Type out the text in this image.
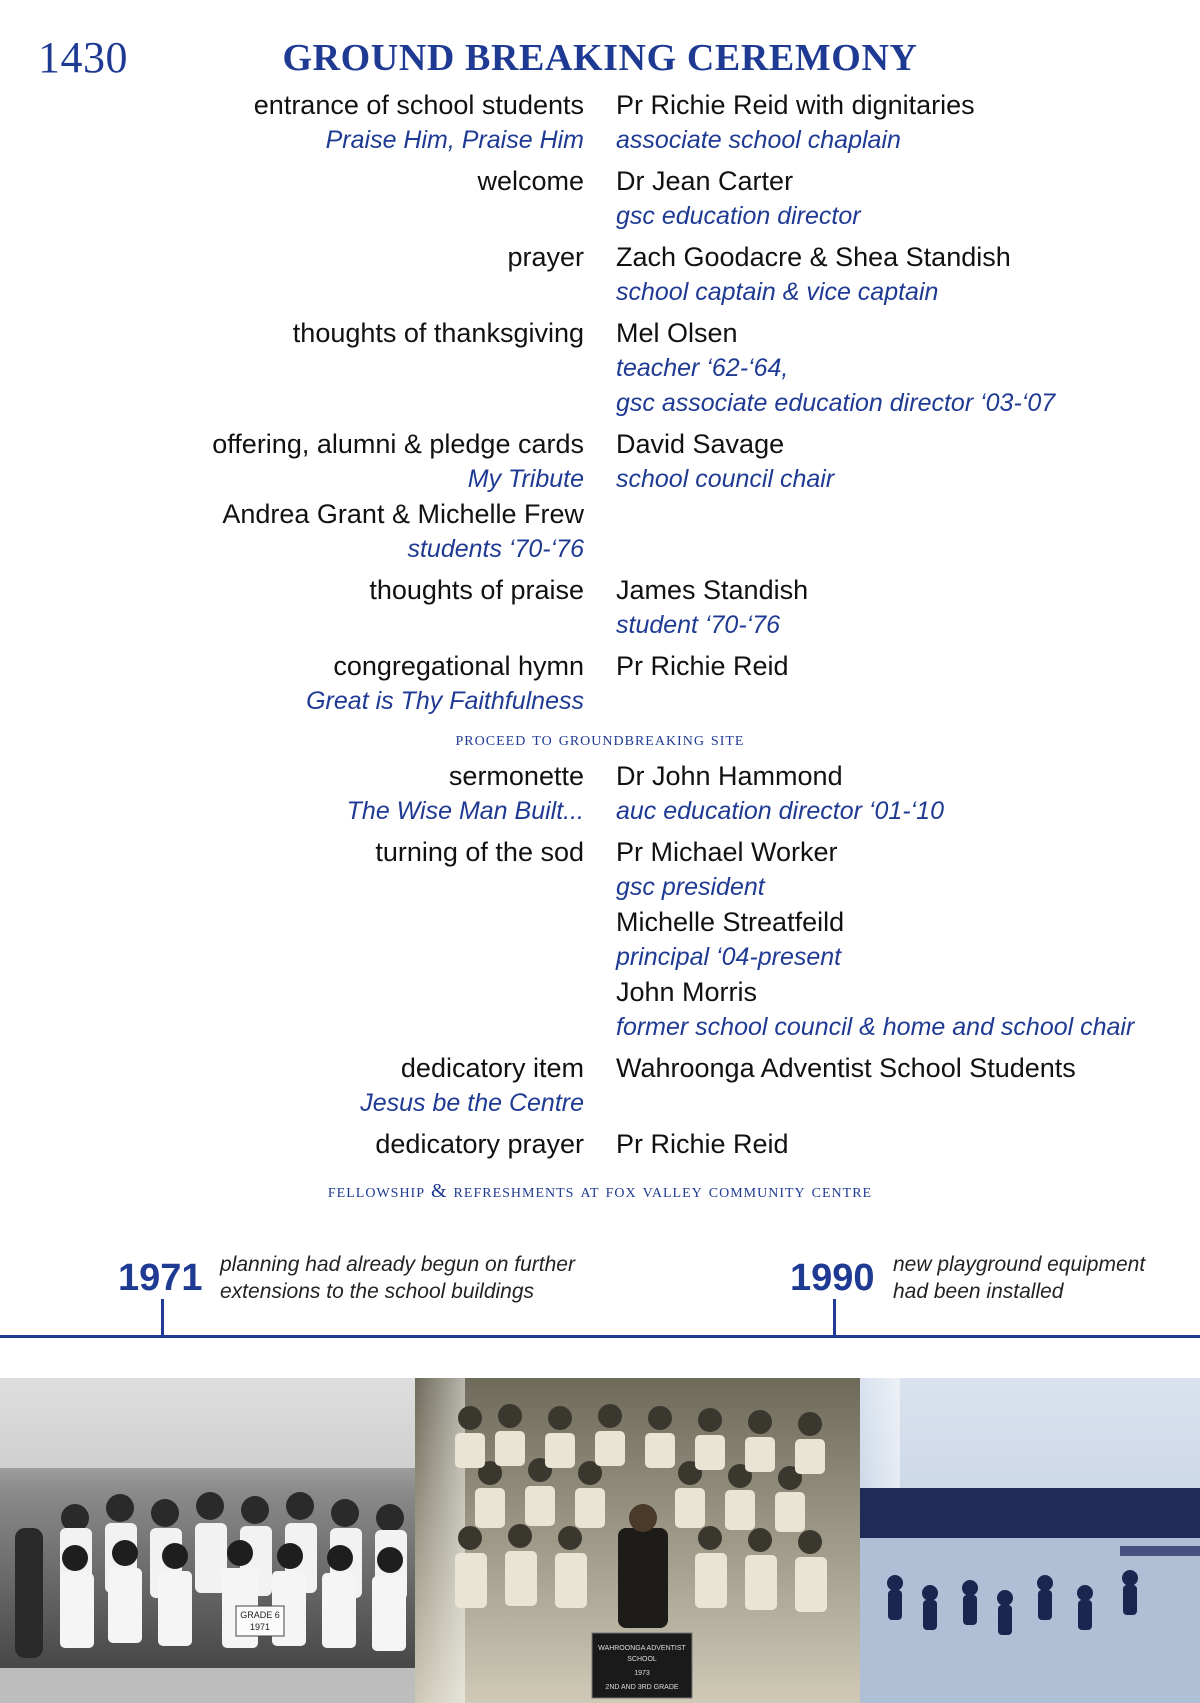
1430	GROUND BREAKING CEREMONY
entrance of school students
Praise Him, Praise Him
Pr Richie Reid with dignitaries
associate school chaplain
welcome Dr Jean Carter
gsc education director
prayer Zach Goodacre & Shea Standish
school captain & vice captain
thoughts of thanksgiving Mel Olsen
teacher ‘62-‘64,
gsc associate education director ‘03-‘07
offering, alumni & pledge cards
My Tribute
Andrea Grant & Michelle Frew
students ‘70-‘76
David Savage
school council chair
thoughts of praise James Standish
student ‘70-‘76
congregational hymn
Great is Thy Faithfulness
Pr Richie Reid
proceed to groundbreaking site
sermonette
The Wise Man Built...
Dr John Hammond
auc education director ‘01-‘10
turning of the sod Pr Michael Worker
gsc president
Michelle Streatfeild
principal ‘04-present
John Morris
former school council & home and school chair
dedicatory item
Jesus be the Centre
Wahroonga Adventist School Students
dedicatory prayer Pr Richie Reid
fellowship & refreshments at fox valley community centre
1971 planning had already begun on further
extensions to the school buildings	1990 new playground equipment
had been installed
GRADE 6
1971
WAHROONGA ADVENTIST
SCHOOL
1973
2ND AND 3RD GRADE
